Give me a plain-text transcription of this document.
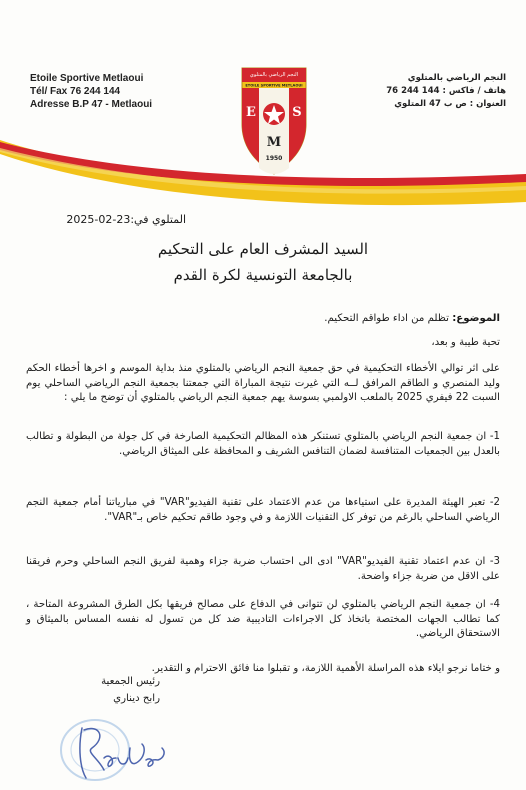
Etoile Sportive Metlaoui
Tél/ Fax 76 244 144
Adresse B.P 47 - Metlaoui
النجم الرياضي بالمتلوي
هاتف / فاكس : 144 244 76
العنوان : ص ب 47 المتلوي
النجم الرياضي بالمتلوي
ETOILE SPORTIVE METLAOUI
E	S
M
1950
المتلوي في:23-02-2025
السيد المشرف العام على التحكيم
بالجامعة التونسية لكرة القدم
الموضوع: تظلم من اداء طواقم التحكيم.
تحية طيبة و بعد،
على اثر توالي الأخطاء التحكيمية في حق جمعية النجم الرياضي بالمتلوي منذ بداية الموسم و اخرها أخطاء الحكم وليد المنصري و الطاقم المرافق لــه التي غيرت نتيجة المباراة التي جمعتنا بجمعية النجم الرياضي الساحلي يوم السبت 22 فيفري 2025 بالملعب الاولمبي بسوسة يهم جمعية النجم الرياضي بالمتلوي أن توضح ما يلي :
1- ان جمعية النجم الرياضي بالمتلوي تستنكر هذه المظالم التحكيمية الصارخة في كل جولة من البطولة و تطالب بالعدل بين الجمعيات المتنافسة لضمان التنافس الشريف و المحافظة على الميثاق الرياضي.
2- تعبر الهيئة المديرة على استياءها من عدم الاعتماد على تقنية الفيديو"VAR" في مبارياتنا أمام جمعية النجم الرياضي الساحلي بالرغم من توفر كل التقنيات اللازمة و في وجود طاقم تحكيم خاص بـ"VAR".
3- ان عدم اعتماد تقنية الفيديو"VAR" ادى الى احتساب ضربة جزاء وهمية لفريق النجم الساحلي وحرم فريقنا على الاقل من ضربة جزاء واضحة.
4- ان جمعية النجم الرياضي بالمتلوي لن تتوانى في الدفاع على مصالح فريقها بكل الطرق المشروعة المتاحة ، كما تطالب الجهات المختصة باتخاذ كل الاجراءات التاديبية ضد كل من تسول له نفسه المساس بالميثاق و الاستحقاق الرياضي.
و ختاما نرجو ايلاء هذه المراسلة الأهمية اللازمة، و تقبلوا منا فائق الاحترام و التقدير.
رئيس الجمعية
رابح ديناري
